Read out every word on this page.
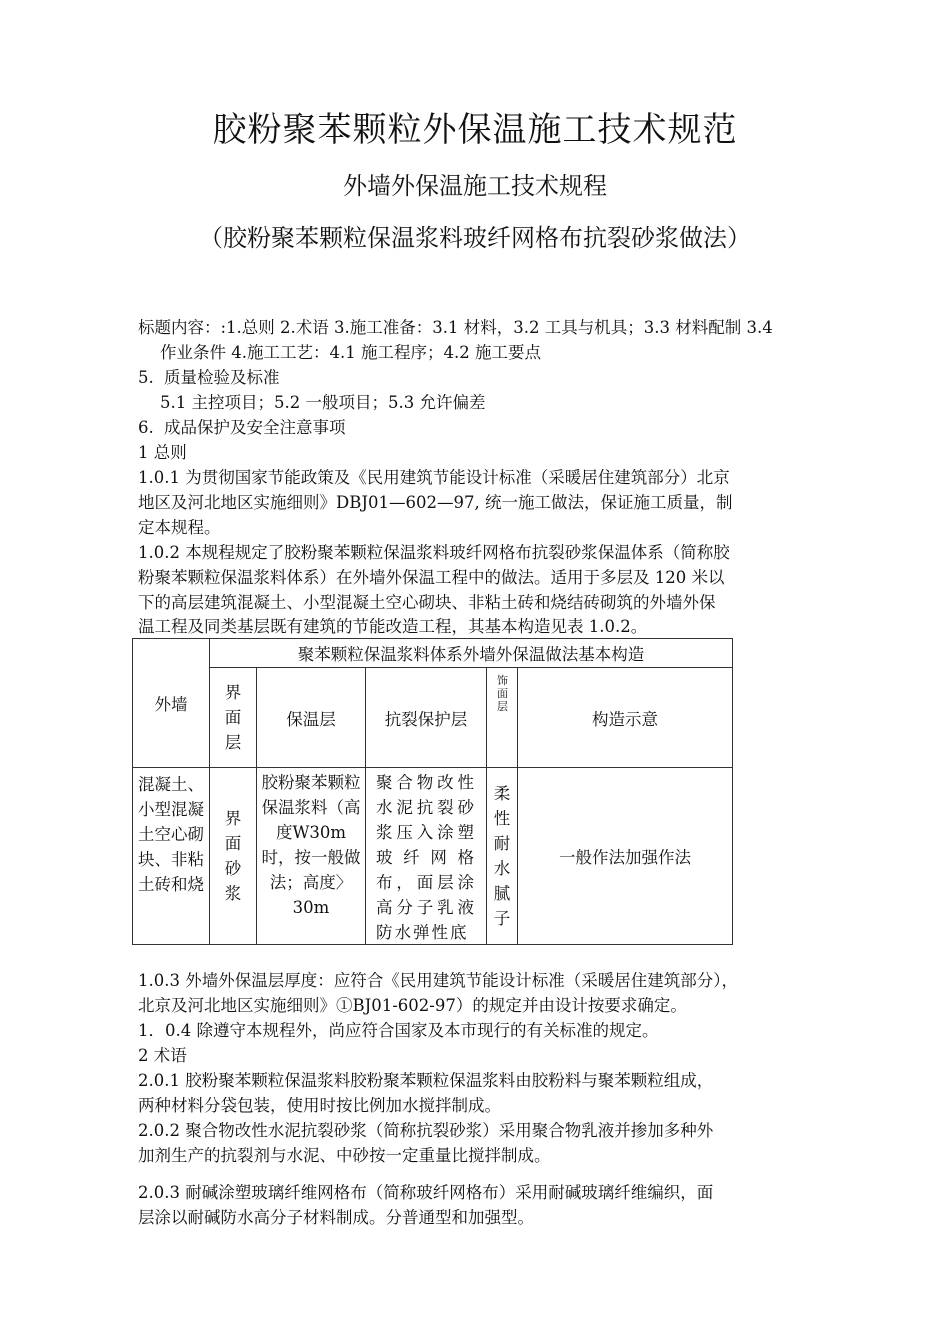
胶粉聚苯颗粒外保温施工技术规范
外墙外保温施工技术规程
（胶粉聚苯颗粒保温浆料玻纤网格布抗裂砂浆做法）

标题内容：:1.总则 2.术语 3.施工准备：3.1 材料，3.2 工具与机具；3.3 材料配制 3.4

作业条件 4.施工工艺：4.1 施工程序；4.2 施工要点

5. 质量检验及标准

5.1 主控项目；5.2 一般项目；5.3 允许偏差

6. 成品保护及安全注意事项

1 总则

1.0.1 为贯彻国家节能政策及《民用建筑节能设计标准（采暖居住建筑部分）北京

地区及河北地区实施细则》DBJ01—602—97, 统一施工做法，保证施工质量，制

定本规程。

1.0.2 本规程规定了胶粉聚苯颗粒保温浆料玻纤网格布抗裂砂浆保温体系（简称胶

粉聚苯颗粒保温浆料体系）在外墙外保温工程中的做法。适用于多层及 120 米以

下的高层建筑混凝土、小型混凝土空心砌块、非粘土砖和烧结砖砌筑的外墙外保

温工程及同类基层既有建筑的节能改造工程，其基本构造见表 1.0.2。

外墙	聚苯颗粒保温浆料体系外墙外保温做法基本构造				

	界面层	保温层	抗裂保护层	饰面层	构造示意

混凝土、小型混凝土空心砌块、非粘土砖和烧	界面砂浆	胶粉聚苯颗粒保温浆料（高度W30m时，按一般做法；高度〉30m	聚合物改性水泥抗裂砂浆压入涂塑玻纤网格布，面层涂高分子乳液防水弹性底	柔性耐水腻子	一般作法加强作法

1.0.3 外墙外保温层厚度：应符合《民用建筑节能设计标准（采暖居住建筑部分），

北京及河北地区实施细则》①BJ01-602-97）的规定并由设计按要求确定。

1．0.4 除遵守本规程外，尚应符合国家及本市现行的有关标准的规定。

2 术语

2.0.1 胶粉聚苯颗粒保温浆料胶粉聚苯颗粒保温浆料由胶粉料与聚苯颗粒组成，

两种材料分袋包装，使用时按比例加水搅拌制成。

2.0.2 聚合物改性水泥抗裂砂浆（简称抗裂砂浆）采用聚合物乳液并掺加多种外

加剂生产的抗裂剂与水泥、中砂按一定重量比搅拌制成。

2.0.3 耐碱涂塑玻璃纤维网格布（简称玻纤网格布）采用耐碱玻璃纤维编织，面

层涂以耐碱防水高分子材料制成。分普通型和加强型。
